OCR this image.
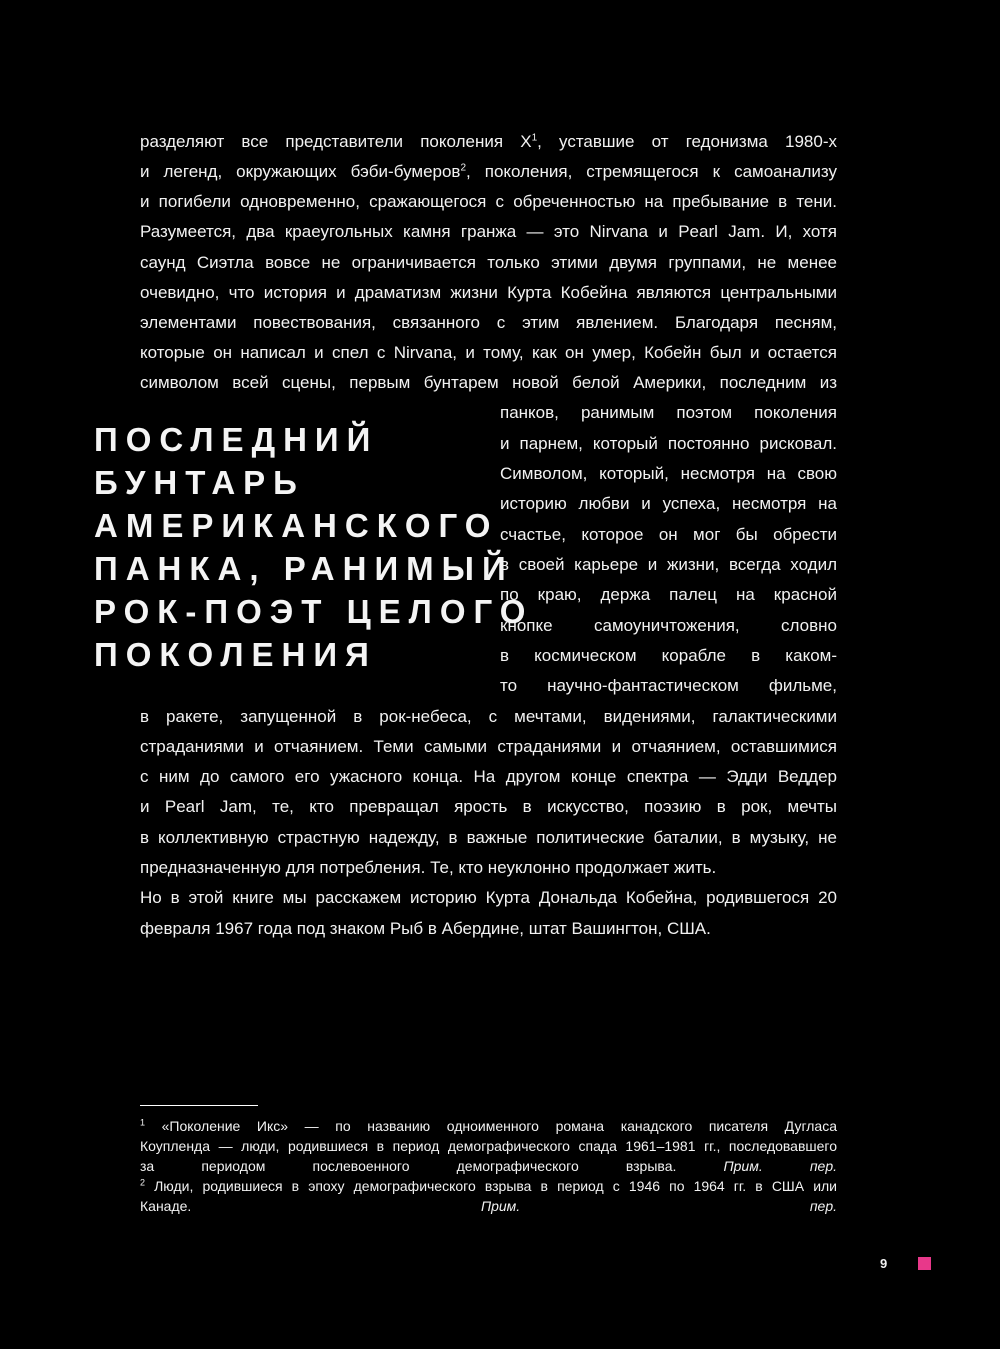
разделяют все представители поколения $X^1$, уставшие от гедонизма 1980-х
и легенд, окружающих бэби-бумеров$^2$, поколения, стремящегося к самоанализу
и погибели одновременно, сражающегося с обреченностью на пребывание в тени.
Разумеется, два краеугольных камня гранжа — это Nirvana и Pearl Jam. И, хотя
саунд Сиэтла вовсе не ограничивается только этими двумя группами, не менее
очевидно, что история и драматизм жизни Курта Кобейна являются центральными
элементами повествования, связанного с этим явлением. Благодаря песням,
которые он написал и спел с Nirvana, и тому, как он умер, Кобейн был и остается
символом всей сцены, первым бунтарем новой белой Америки, последним из
панков, ранимым поэтом поколения
и парнем, который постоянно рисковал.
Символом, который, несмотря на свою
историю любви и успеха, несмотря на
счастье, которое он мог бы обрести
в своей карьере и жизни, всегда ходил
по краю, держа палец на красной
кнопке самоуничтожения, словно
в космическом корабле в каком-
то научно-фантастическом фильме,
ПОСЛЕДНИЙ
БУНТАРЬ
АМЕРИКАНСКОГО
ПАНКА, РАНИМЫЙ
РОК-ПОЭТ ЦЕЛОГО
ПОКОЛЕНИЯ
в ракете, запущенной в рок-небеса, с мечтами, видениями, галактическими
страданиями и отчаянием. Теми самыми страданиями и отчаянием, оставшимися
с ним до самого его ужасного конца. На другом конце спектра — Эдди Веддер
и Pearl Jam, те, кто превращал ярость в искусство, поэзию в рок, мечты
в коллективную страстную надежду, в важные политические баталии, в музыку, не
предназначенную для потребления. Те, кто неуклонно продолжает жить.
Но в этой книге мы расскажем историю Курта Дональда Кобейна, родившегося 20
февраля 1967 года под знаком Рыб в Абердине, штат Вашингтон, США.
$^1$ «Поколение Икс» — по названию одноименного романа канадского писателя Дугласа
Коупленда — люди, родившиеся в период демографического спада 1961–1981 гг., последовавшего
за периодом послевоенного демографического взрыва. Прим. пер.
$^2$ Люди, родившиеся в эпоху демографического взрыва в период с 1946 по 1964 гг. в США или
Канаде. Прим. пер.
9
